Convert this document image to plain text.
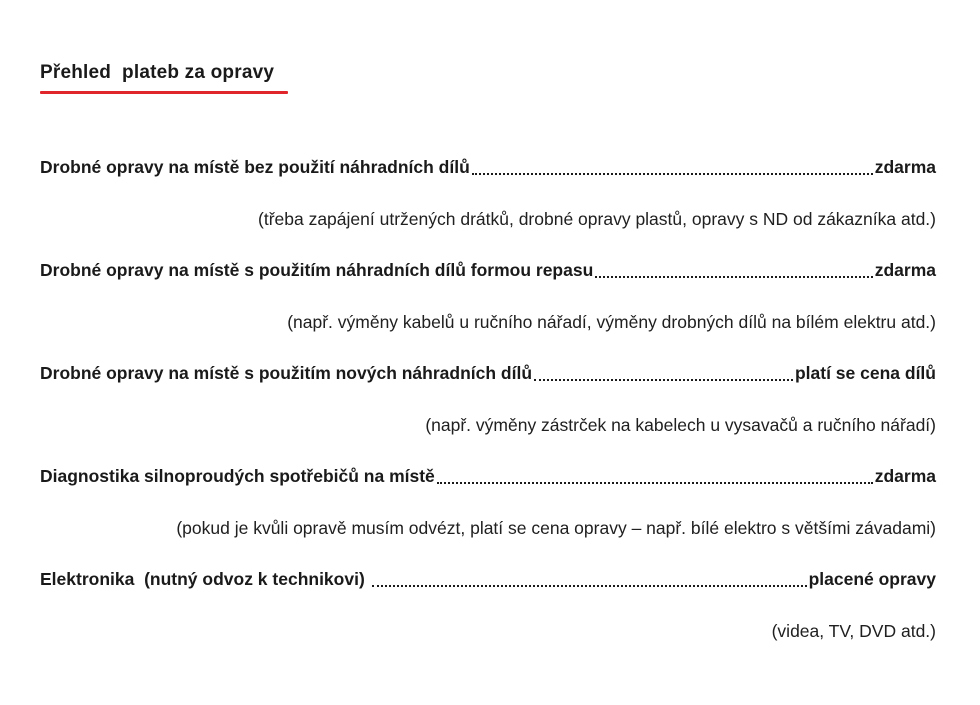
Přehled  plateb za opravy
Drobné opravy na místě bez použití náhradních dílů	zdarma
(třeba zapájení utržených drátků, drobné opravy plastů, opravy s ND od zákazníka atd.)
Drobné opravy na místě s použitím náhradních dílů formou repasu	zdarma
(např. výměny kabelů u ručního nářadí, výměny drobných dílů na bílém elektru atd.)
Drobné opravy na místě s použitím nových náhradních dílů	platí se cena dílů
(např. výměny zástrček na kabelech u vysavačů a ručního nářadí)
Diagnostika silnoproudých spotřebičů na místě	zdarma
(pokud je kvůli opravě musím odvézt, platí se cena opravy – např. bílé elektro s většími závadami)
Elektronika  (nutný odvoz k technikovi)	placené opravy
(videa, TV, DVD atd.)
